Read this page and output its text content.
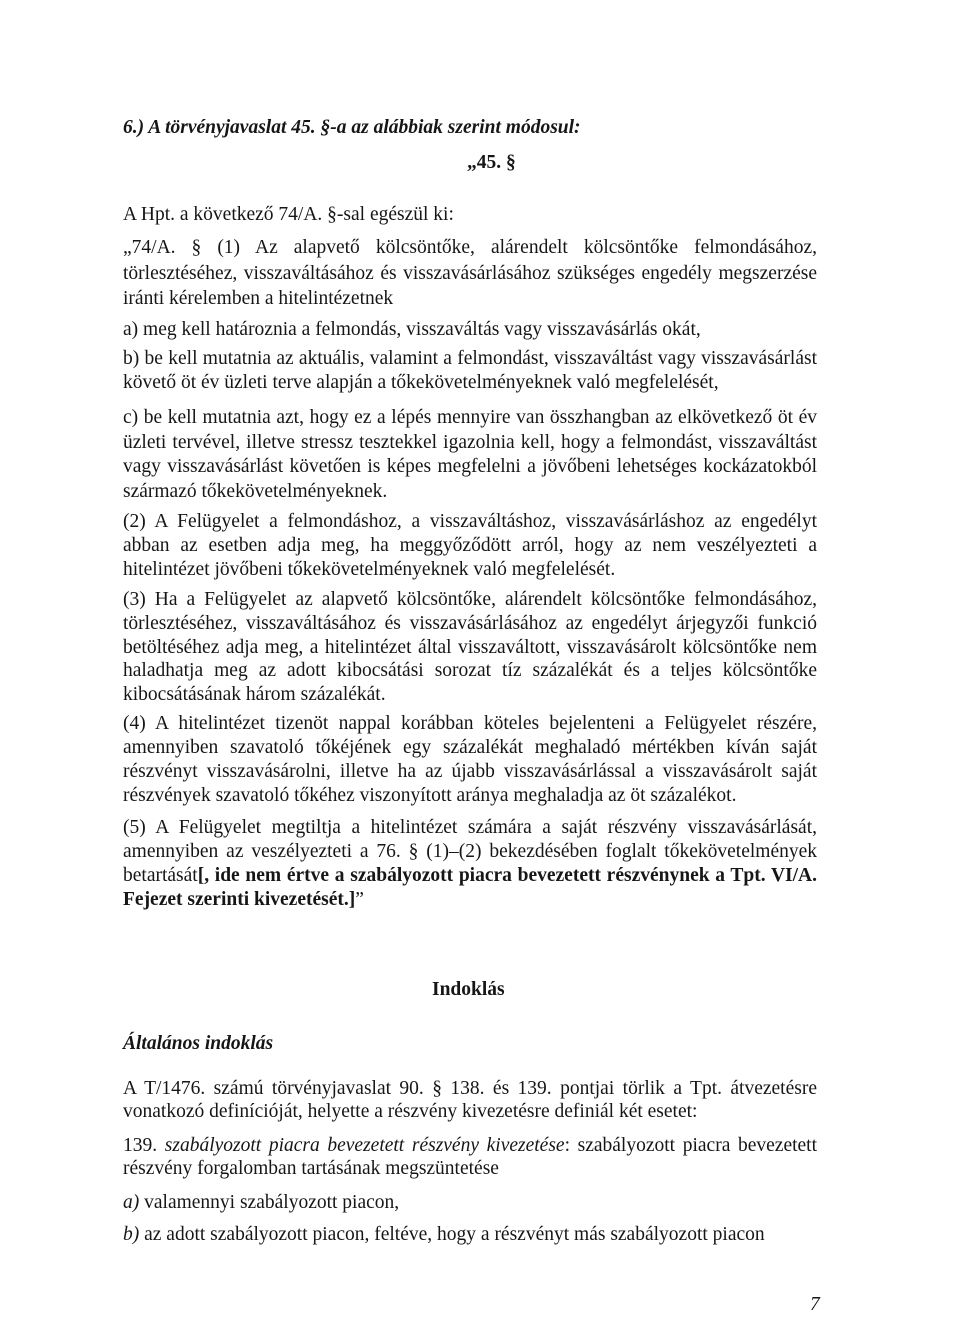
6.) A törvényjavaslat 45. §-a az alábbiak szerint módosul:
„45. §
A Hpt. a következő 74/A. §-sal egészül ki:
„74/A. § (1) Az alapvető kölcsöntőke, alárendelt kölcsöntőke felmondásához,
törlesztéséhez, visszaváltásához és visszavásárlásához szükséges engedély megszerzése
iránti kérelemben a hitelintézetnek
a) meg kell határoznia a felmondás, visszaváltás vagy visszavásárlás okát,
b) be kell mutatnia az aktuális, valamint a felmondást, visszaváltást vagy visszavásárlást
követő öt év üzleti terve alapján a tőkekövetelményeknek való megfelelését,
c) be kell mutatnia azt, hogy ez a lépés mennyire van összhangban az elkövetkező öt év
üzleti tervével, illetve stressz tesztekkel igazolnia kell, hogy a felmondást, visszaváltást
vagy visszavásárlást követően is képes megfelelni a jövőbeni lehetséges kockázatokból
származó tőkekövetelményeknek.
(2) A Felügyelet a felmondáshoz, a visszaváltáshoz, visszavásárláshoz az engedélyt
abban az esetben adja meg, ha meggyőződött arról, hogy az nem veszélyezteti a
hitelintézet jövőbeni tőkekövetelményeknek való megfelelését.
(3) Ha a Felügyelet az alapvető kölcsöntőke, alárendelt kölcsöntőke felmondásához,
törlesztéséhez, visszaváltásához és visszavásárlásához az engedélyt árjegyzői funkció
betöltéséhez adja meg, a hitelintézet által visszaváltott, visszavásárolt kölcsöntőke nem
haladhatja meg az adott kibocsátási sorozat tíz százalékát és a teljes kölcsöntőke
kibocsátásának három százalékát.
(4) A hitelintézet tizenöt nappal korábban köteles bejelenteni a Felügyelet részére,
amennyiben szavatoló tőkéjének egy százalékát meghaladó mértékben kíván saját
részvényt visszavásárolni, illetve ha az újabb visszavásárlással a visszavásárolt saját
részvények szavatoló tőkéhez viszonyított aránya meghaladja az öt százalékot.
(5) A Felügyelet megtiltja a hitelintézet számára a saját részvény visszavásárlását,
amennyiben az veszélyezteti a 76. § (1)–(2) bekezdésében foglalt tőkekövetelmények
betartását[, ide nem értve a szabályozott piacra bevezetett részvénynek a Tpt. VI/A.
Fejezet szerinti kivezetését.]”
Indoklás
Általános indoklás
A T/1476. számú törvényjavaslat 90. § 138. és 139. pontjai törlik a Tpt. átvezetésre
vonatkozó definícióját, helyette a részvény kivezetésre definiál két esetet:
139. szabályozott piacra bevezetett részvény kivezetése: szabályozott piacra bevezetett
részvény forgalomban tartásának megszüntetése
a) valamennyi szabályozott piacon,
b) az adott szabályozott piacon, feltéve, hogy a részvényt más szabályozott piacon
7
